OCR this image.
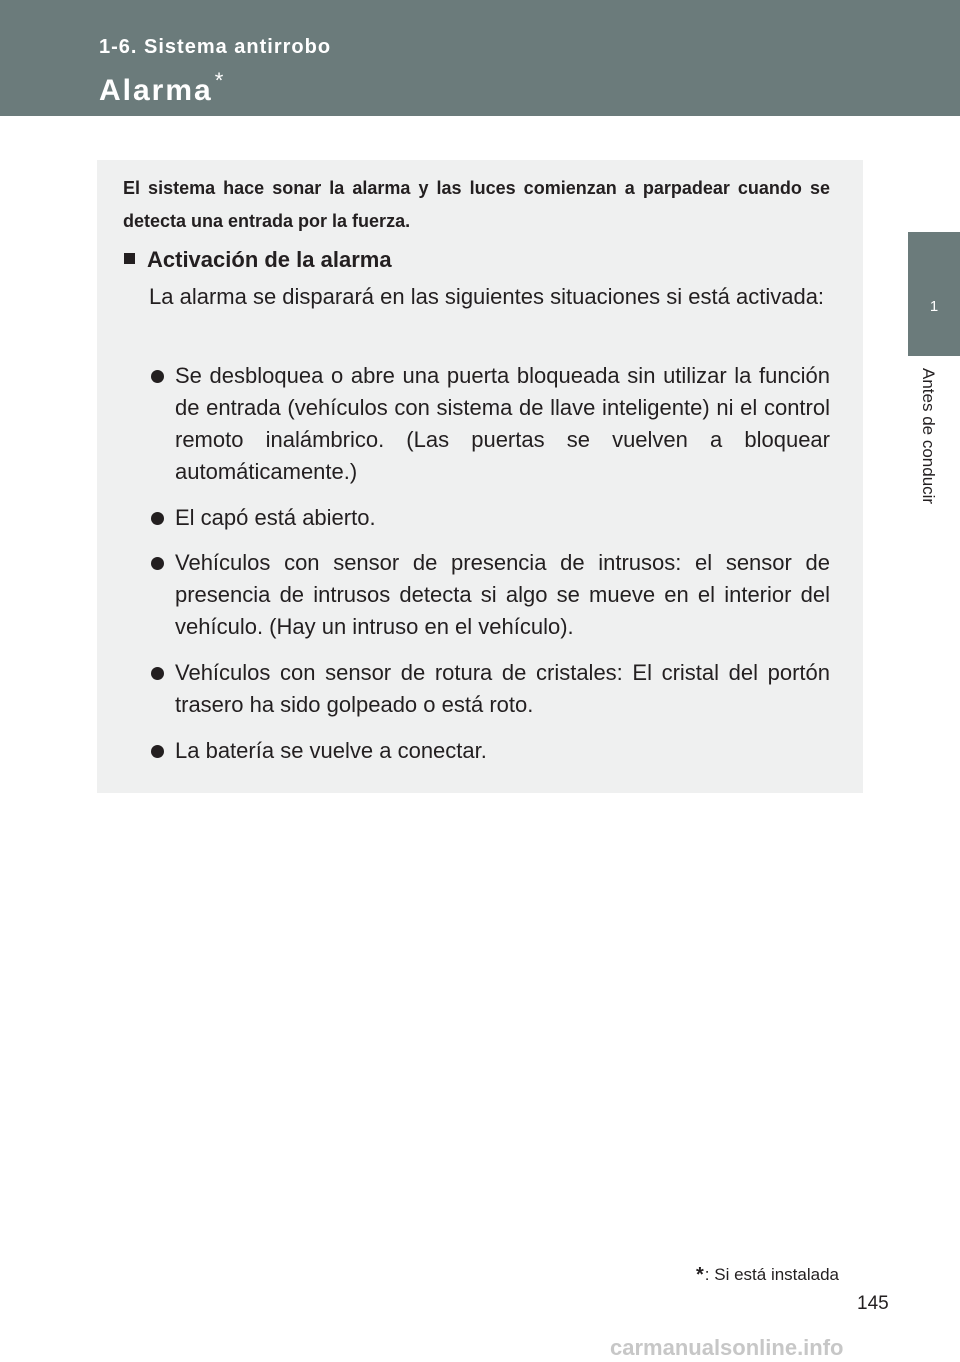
1-6. Sistema antirrobo
Alarma*
1
Antes de conducir
El sistema hace sonar la alarma y las luces comienzan a parpadear cuando se detecta una entrada por la fuerza.
Activación de la alarma
La alarma se disparará en las siguientes situaciones si está activada:
Se desbloquea o abre una puerta bloqueada sin utilizar la función de entrada (vehículos con sistema de llave inteligente) ni el control remoto inalámbrico. (Las puertas se vuelven a bloquear automáticamente.)
El capó está abierto.
Vehículos con sensor de presencia de intrusos: el sensor de presencia de intrusos detecta si algo se mueve en el interior del vehículo. (Hay un intruso en el vehículo).
Vehículos con sensor de rotura de cristales: El cristal del portón trasero ha sido golpeado o está roto.
La batería se vuelve a conectar.
*: Si está instalada
145
carmanualsonline.info
